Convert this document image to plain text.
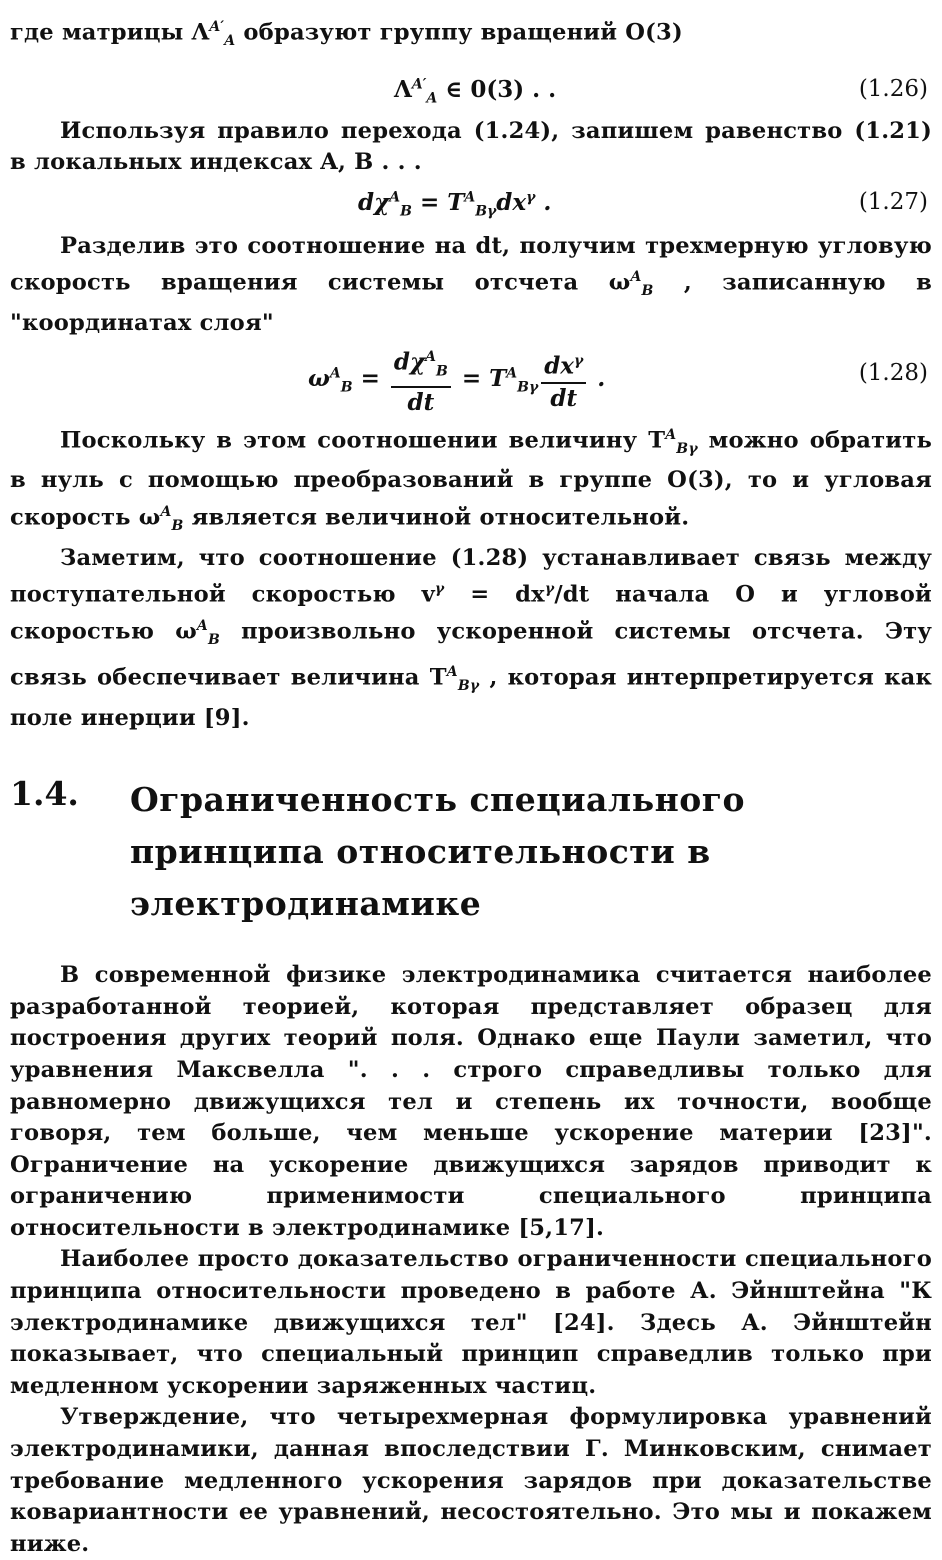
где матрицы $\Lambda^{A'}_A$ образуют группу вращений O(3)

$\Lambda^{A'}_A$ ∈ 0(3) . .	(1.26)

Используя правило перехода (1.24), запишем равенство (1.21) в локальных индексах A, B . . .

$d\chi^A_B = T^A_{B\gamma}dx^\gamma$ .	(1.27)

Разделив это соотношение на dt, получим трехмерную угловую скорость вращения системы отсчета $\omega^A_B$ , записанную в "координатах слоя"

$\omega^A_B = \frac{d\chi^A_B}{dt} = T^A_{B\gamma} \frac{dx^\gamma}{dt}$ .	(1.28)

Поскольку в этом соотношении величину $T^A_{B\gamma}$ можно обратить в нуль с помощью преобразований в группе O(3), то и угловая скорость $\omega^A_B$ является величиной относительной.

Заметим, что соотношение (1.28) устанавливает связь между поступательной скоростью $v^\gamma = dx^\gamma/dt$ начала O и угловой скоростью $\omega^A_B$ произвольно ускоренной системы отсчета. Эту связь обеспечивает величина $T^A_{B\gamma}$ , которая интерпретируется как поле инерции [9].

1.4. Ограниченность специального принципа относительности в электродинамике

В современной физике электродинамика считается наиболее разработанной теорией, которая представляет образец для построения других теорий поля. Однако еще Паули заметил, что уравнения Максвелла ". . . строго справедливы только для равномерно движущихся тел и степень их точности, вообще говоря, тем больше, чем меньше ускорение материи [23]". Ограничение на ускорение движущихся зарядов приводит к ограничению применимости специального принципа относительности в электродинамике [5,17].

Наиболее просто доказательство ограниченности специального принципа относительности проведено в работе А. Эйнштейна "К электродинамике движущихся тел" [24]. Здесь А. Эйнштейн показывает, что специальный принцип справедлив только при медленном ускорении заряженных частиц.

Утверждение, что четырехмерная формулировка уравнений электродинамики, данная впоследствии Г. Минковским, снимает требование медленного ускорения зарядов при доказательстве ковариантности ее уравнений, несостоятельно. Это мы и покажем ниже.
